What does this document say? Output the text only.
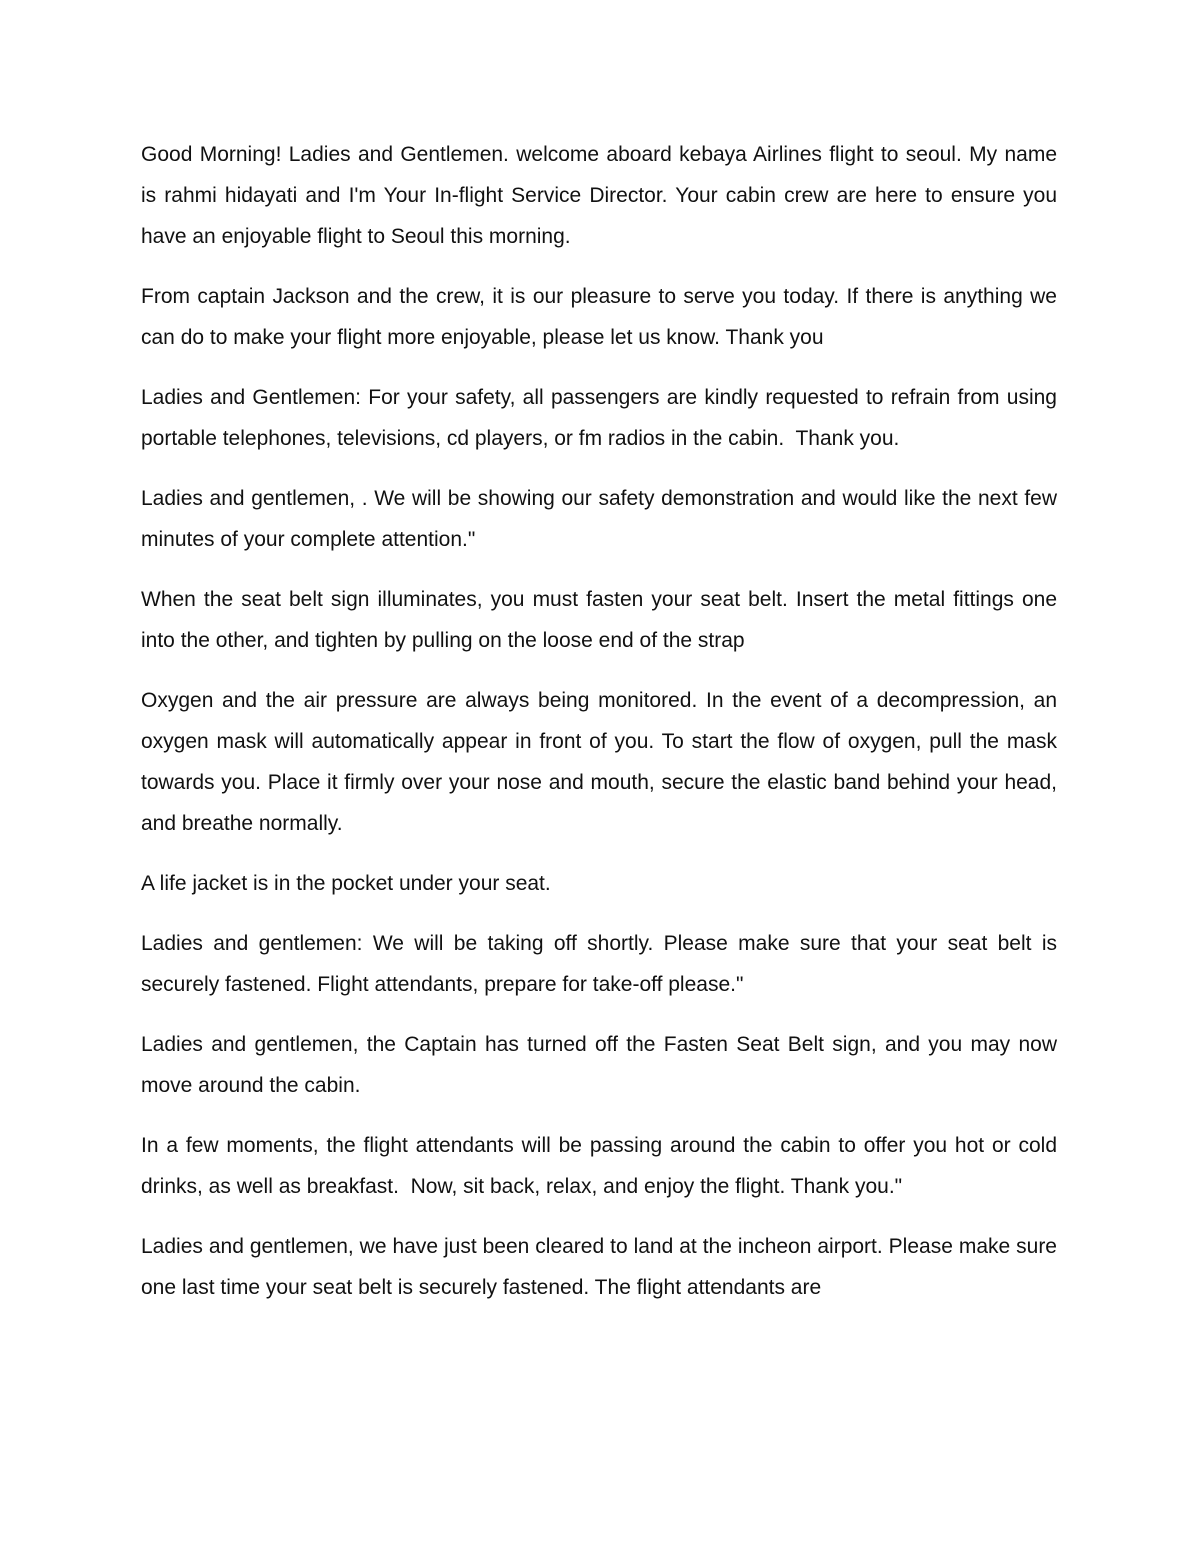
Good Morning! Ladies and Gentlemen. welcome aboard kebaya Airlines flight to seoul. My name is rahmi hidayati and I'm Your In-flight Service Director. Your cabin crew are here to ensure you have an enjoyable flight to Seoul this morning.

From captain Jackson and the crew, it is our pleasure to serve you today. If there is anything we can do to make your flight more enjoyable, please let us know. Thank you

Ladies and Gentlemen: For your safety, all passengers are kindly requested to refrain from using portable telephones, televisions, cd players, or fm radios in the cabin.  Thank you.

Ladies and gentlemen, . We will be showing our safety demonstration and would like the next few minutes of your complete attention."

When the seat belt sign illuminates, you must fasten your seat belt. Insert the metal fittings one into the other, and tighten by pulling on the loose end of the strap

Oxygen and the air pressure are always being monitored. In the event of a decompression, an oxygen mask will automatically appear in front of you. To start the flow of oxygen, pull the mask towards you. Place it firmly over your nose and mouth, secure the elastic band behind your head, and breathe normally.

A life jacket is in the pocket under your seat.

Ladies and gentlemen: We will be taking off shortly. Please make sure that your seat belt is securely fastened. Flight attendants, prepare for take-off please."

Ladies and gentlemen, the Captain has turned off the Fasten Seat Belt sign, and you may now move around the cabin.

In a few moments, the flight attendants will be passing around the cabin to offer you hot or cold drinks, as well as breakfast.  Now, sit back, relax, and enjoy the flight. Thank you."

Ladies and gentlemen, we have just been cleared to land at the incheon airport. Please make sure one last time your seat belt is securely fastened. The flight attendants are
